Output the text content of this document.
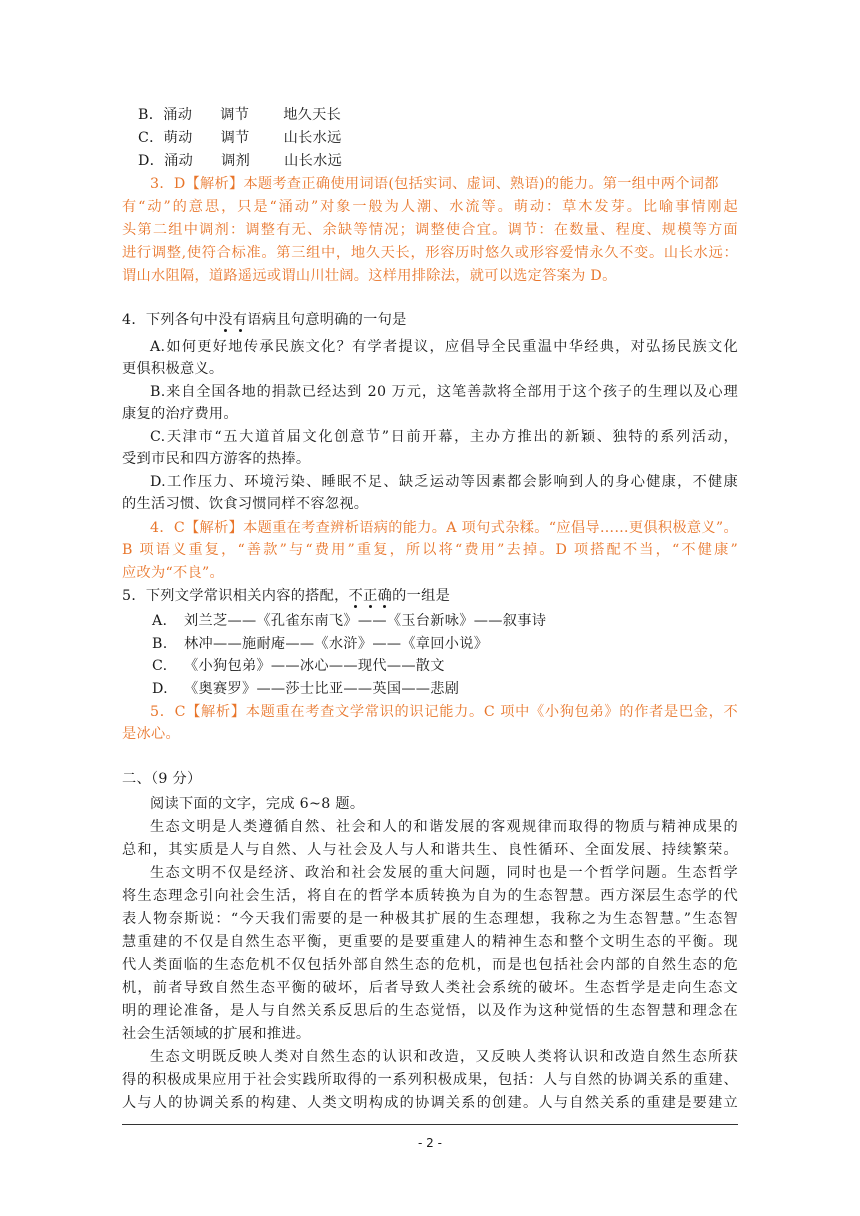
B．涌动 调节 地久天长
C．萌动 调节 山长水远
D．涌动 调剂 山长水远
3．D【解析】本题考查正确使用词语(包括实词、虚词、熟语)的能力。第一组中两个词都
有“动”的意思，只是“涌动”对象一般为人潮、水流等。萌动：草木发芽。比喻事情刚起
头第二组中调剂：调整有无、余缺等情况；调整使合宜。调节：在数量、程度、规模等方面
进行调整,使符合标准。第三组中，地久天长，形容历时悠久或形容爱情永久不变。山长水远：
谓山水阻隔，道路遥远或谓山川壮阔。这样用排除法，就可以选定答案为 D。
4．下列各句中没有语病且句意明确的一句是
A.如何更好地传承民族文化？有学者提议，应倡导全民重温中华经典，对弘扬民族文化
更俱积极意义。
B.来自全国各地的捐款已经达到 20 万元，这笔善款将全部用于这个孩子的生理以及心理
康复的治疗费用。
C.天津市“五大道首届文化创意节”日前开幕，主办方推出的新颖、独特的系列活动，
受到市民和四方游客的热捧。
D.工作压力、环境污染、睡眠不足、缺乏运动等因素都会影响到人的身心健康，不健康
的生活习惯、饮食习惯同样不容忽视。
4．C【解析】本题重在考查辨析语病的能力。A 项句式杂糅。“应倡导……更俱积极意义”。
B 项语义重复，“善款”与“费用”重复，所以将“费用”去掉。D 项搭配不当，“不健康”
应改为“不良”。
5．下列文学常识相关内容的搭配，不正确的一组是
A. 刘兰芝——《孔雀东南飞》——《玉台新咏》——叙事诗
B. 林冲——施耐庵——《水浒》——《章回小说》
C. 《小狗包弟》——冰心——现代——散文
D. 《奥赛罗》——莎士比亚——英国——悲剧
5．C【解析】本题重在考查文学常识的识记能力。C 项中《小狗包弟》的作者是巴金，不
是冰心。
二、（9 分）
阅读下面的文字，完成 6~8 题。
生态文明是人类遵循自然、社会和人的和谐发展的客观规律而取得的物质与精神成果的
总和，其实质是人与自然、人与社会及人与人和谐共生、良性循环、全面发展、持续繁荣。
生态文明不仅是经济、政治和社会发展的重大问题，同时也是一个哲学问题。生态哲学
将生态理念引向社会生活，将自在的哲学本质转换为自为的生态智慧。西方深层生态学的代
表人物奈斯说：“今天我们需要的是一种极其扩展的生态理想，我称之为生态智慧。”生态智
慧重建的不仅是自然生态平衡，更重要的是要重建人的精神生态和整个文明生态的平衡。现
代人类面临的生态危机不仅包括外部自然生态的危机，而是也包括社会内部的自然生态的危
机，前者导致自然生态平衡的破坏，后者导致人类社会系统的破坏。生态哲学是走向生态文
明的理论准备，是人与自然关系反思后的生态觉悟，以及作为这种觉悟的生态智慧和理念在
社会生活领域的扩展和推进。
生态文明既反映人类对自然生态的认识和改造，又反映人类将认识和改造自然生态所获
得的积极成果应用于社会实践所取得的一系列积极成果，包括：人与自然的协调关系的重建、
人与人的协调关系的构建、人类文明构成的协调关系的创建。人与自然关系的重建是要建立
- 2 -
